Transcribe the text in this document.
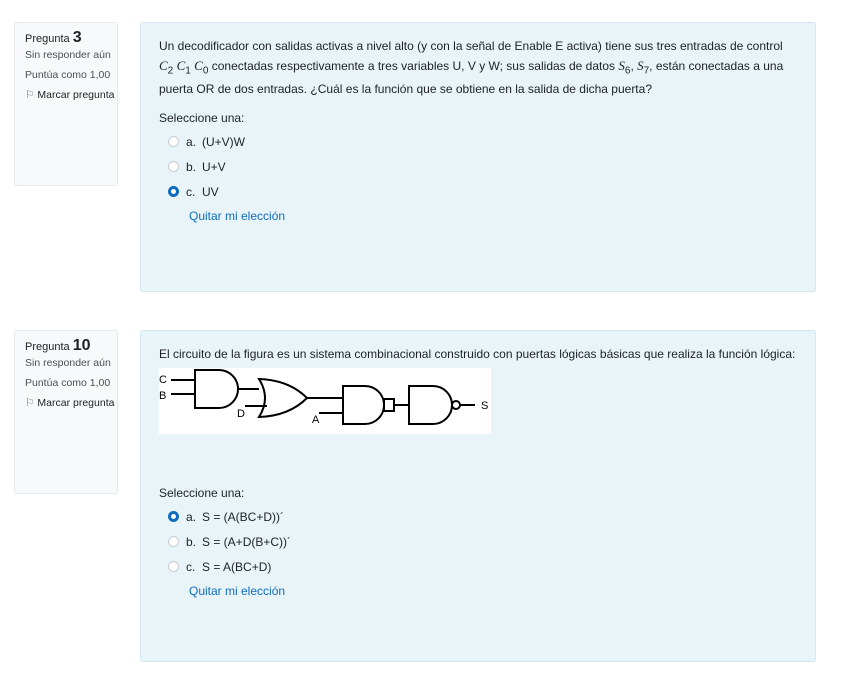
Pregunta 3
Sin responder aún
Puntúa como 1,00
⚐ Marcar pregunta
Un decodificador con salidas activas a nivel alto (y con la señal de Enable E activa) tiene sus tres entradas de control $C_2$ $C_1$ $C_0$ conectadas respectivamente a tres variables U, V y W; sus salidas de datos $S_6$, $S_7$, están conectadas a una puerta OR de dos entradas. ¿Cuál es la función que se obtiene en la salida de dicha puerta?
Seleccione una:
a. (U+V)W
b. U+V
c. UV
Quitar mi elección
Pregunta 10
Sin responder aún
Puntúa como 1,00
⚐ Marcar pregunta
El circuito de la figura es un sistema combinacional construido con puertas lógicas básicas que realiza la función lógica:
C
B
D	A
S
Seleccione una:
a. S = (A(BC+D))´
b. S = (A+D(B+C))´
c. S = A(BC+D)
Quitar mi elección
